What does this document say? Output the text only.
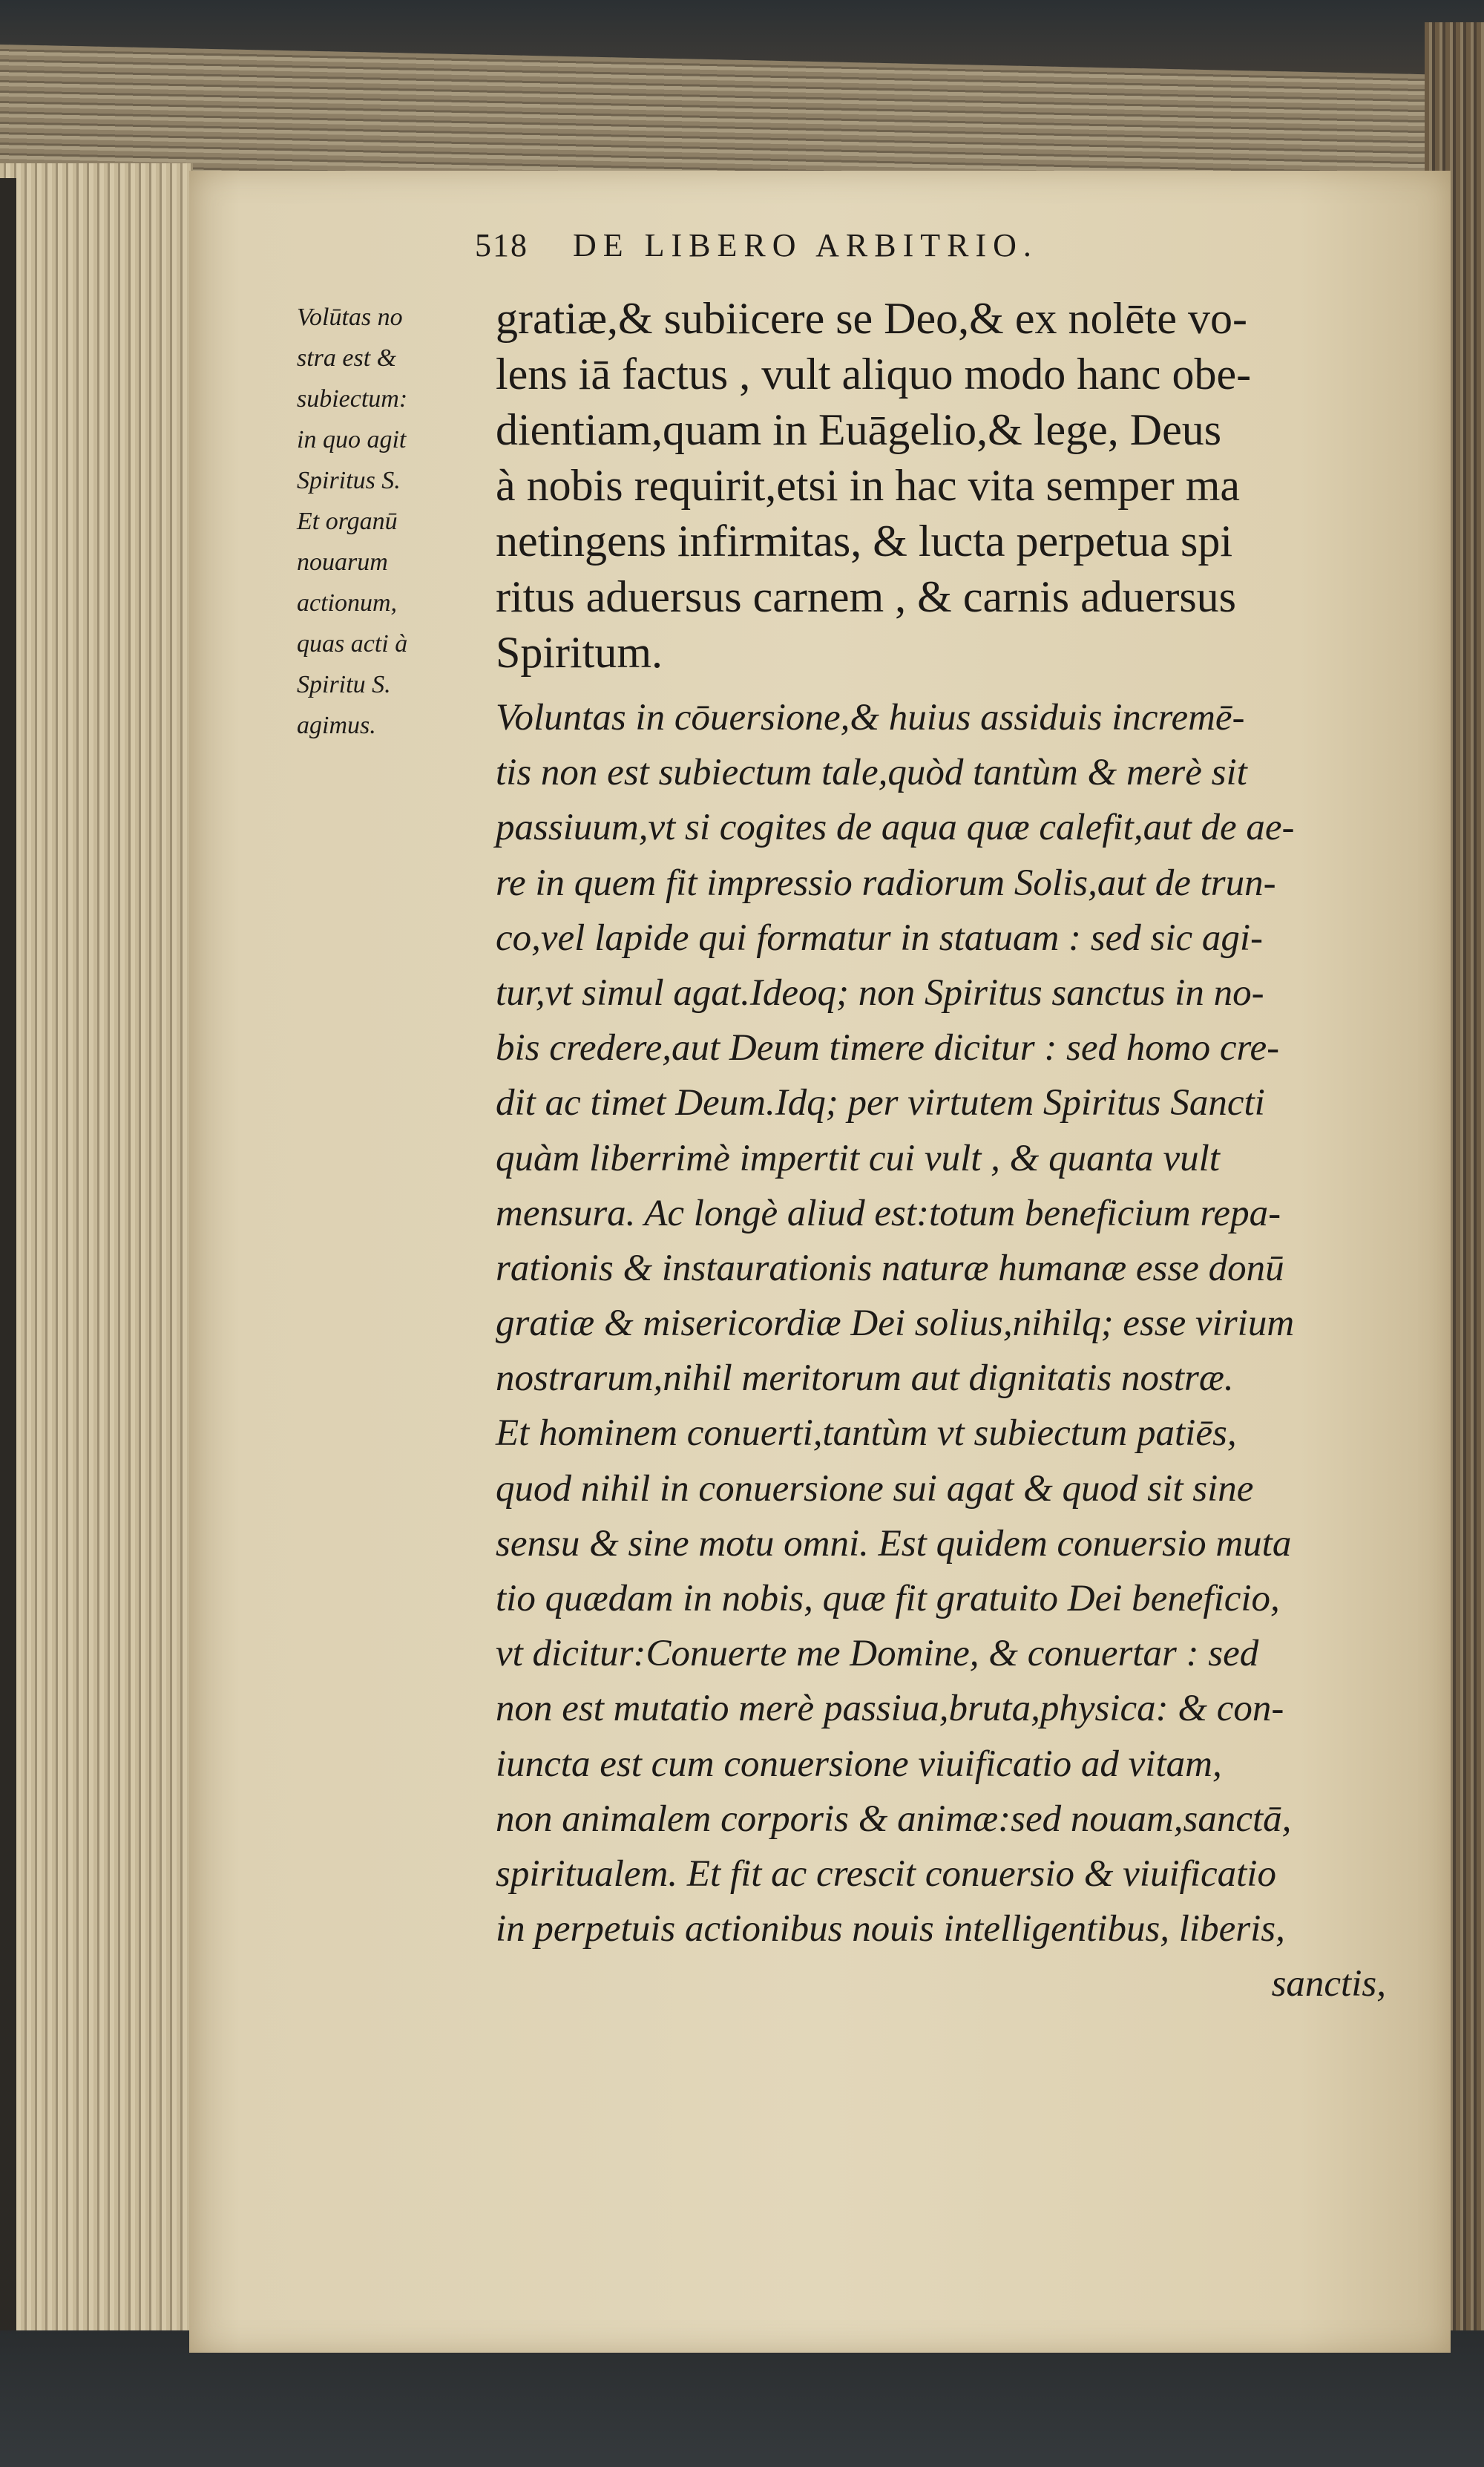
518 DE LIBERO ARBITRIO.
Volūtas no
stra est &
subiectum:
in quo agit
Spiritus S.
Et organū
nouarum
actionum,
quas acti à
Spiritu S.
agimus.
gratiæ,& subiicere se Deo,& ex nolēte vo-
lens iā factus , vult aliquo modo hanc obe-
dientiam,quam in Euāgelio,& lege, Deus
à nobis requirit,etsi in hac vita semper ma
netingens infirmitas, & lucta perpetua spi
ritus aduersus carnem , & carnis aduersus
Spiritum.
Voluntas in cōuersione,& huius assiduis incremē-
tis non est subiectum tale,quòd tantùm & merè sit
passiuum,vt si cogites de aqua quæ calefit,aut de ae-
re in quem fit impressio radiorum Solis,aut de trun-
co,vel lapide qui formatur in statuam : sed sic agi-
tur,vt simul agat.Ideoq; non Spiritus sanctus in no-
bis credere,aut Deum timere dicitur : sed homo cre-
dit ac timet Deum.Idq; per virtutem Spiritus Sancti
quàm liberrimè impertit cui vult , & quanta vult
mensura. Ac longè aliud est:totum beneficium repa-
rationis & instaurationis naturæ humanæ esse donū
gratiæ & misericordiæ Dei solius,nihilq; esse virium
nostrarum,nihil meritorum aut dignitatis nostræ.
Et hominem conuerti,tantùm vt subiectum patiēs,
quod nihil in conuersione sui agat & quod sit sine
sensu & sine motu omni. Est quidem conuersio muta
tio quædam in nobis, quæ fit gratuito Dei beneficio,
vt dicitur:Conuerte me Domine, & conuertar : sed
non est mutatio merè passiua,bruta,physica: & con-
iuncta est cum conuersione viuificatio ad vitam,
non animalem corporis & animæ:sed nouam,sanctā,
spiritualem. Et fit ac crescit conuersio & viuificatio
in perpetuis actionibus nouis intelligentibus, liberis,
sanctis,
